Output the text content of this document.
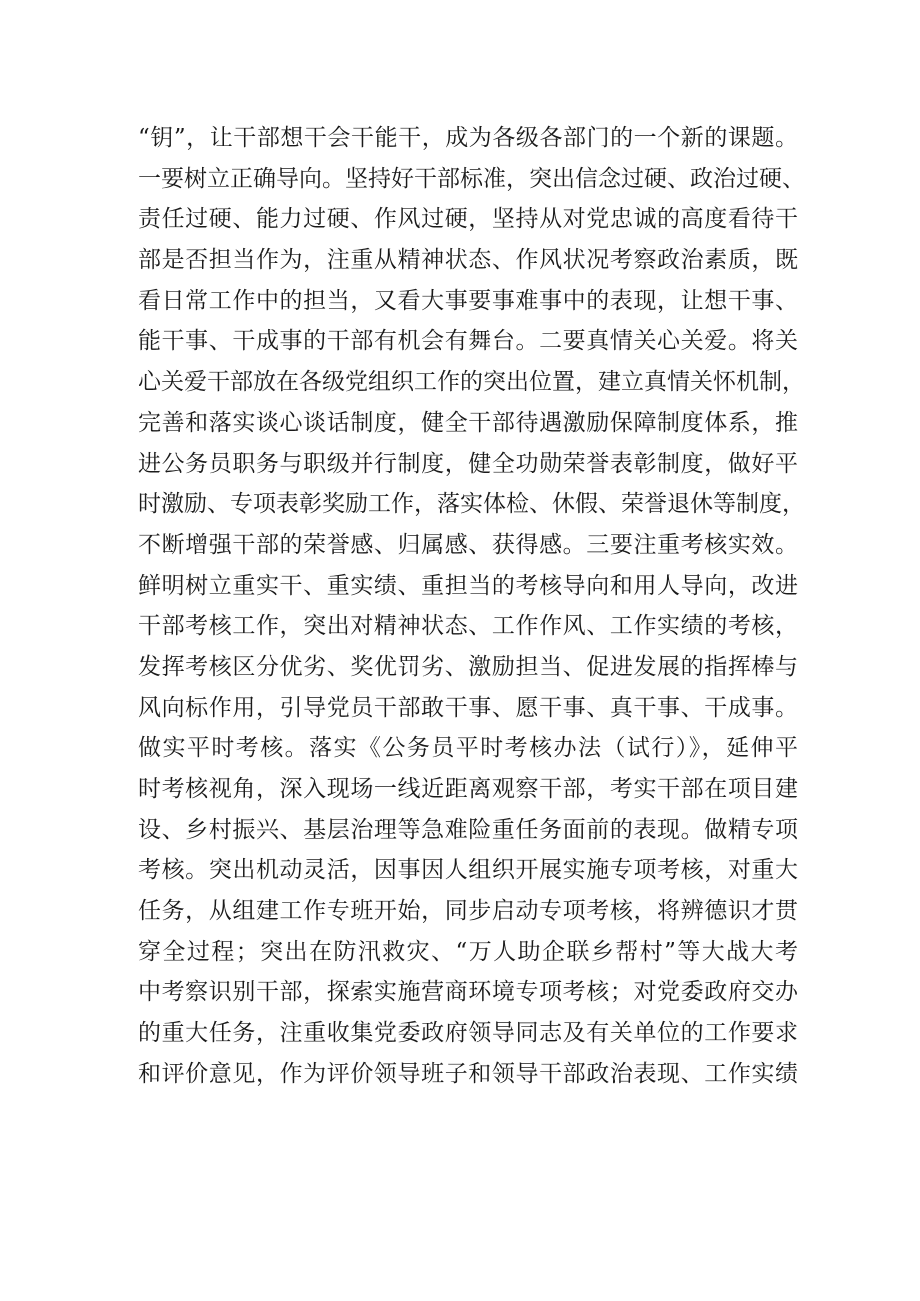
“钥”，让干部想干会干能干，成为各级各部门的一个新的课题。
一要树立正确导向。坚持好干部标准，突出信念过硬、政治过硬、
责任过硬、能力过硬、作风过硬，坚持从对党忠诚的高度看待干
部是否担当作为，注重从精神状态、作风状况考察政治素质，既
看日常工作中的担当，又看大事要事难事中的表现，让想干事、
能干事、干成事的干部有机会有舞台。二要真情关心关爱。将关
心关爱干部放在各级党组织工作的突出位置，建立真情关怀机制，
完善和落实谈心谈话制度，健全干部待遇激励保障制度体系，推
进公务员职务与职级并行制度，健全功勋荣誉表彰制度，做好平
时激励、专项表彰奖励工作，落实体检、休假、荣誉退休等制度，
不断增强干部的荣誉感、归属感、获得感。三要注重考核实效。
鲜明树立重实干、重实绩、重担当的考核导向和用人导向，改进
干部考核工作，突出对精神状态、工作作风、工作实绩的考核，
发挥考核区分优劣、奖优罚劣、激励担当、促进发展的指挥棒与
风向标作用，引导党员干部敢干事、愿干事、真干事、干成事。
做实平时考核。落实《公务员平时考核办法（试行）》，延伸平
时考核视角，深入现场一线近距离观察干部，考实干部在项目建
设、乡村振兴、基层治理等急难险重任务面前的表现。做精专项
考核。突出机动灵活，因事因人组织开展实施专项考核，对重大
任务，从组建工作专班开始，同步启动专项考核，将辨德识才贯
穿全过程；突出在防汛救灾、“万人助企联乡帮村”等大战大考
中考察识别干部，探索实施营商环境专项考核；对党委政府交办
的重大任务，注重收集党委政府领导同志及有关单位的工作要求
和评价意见，作为评价领导班子和领导干部政治表现、工作实绩
